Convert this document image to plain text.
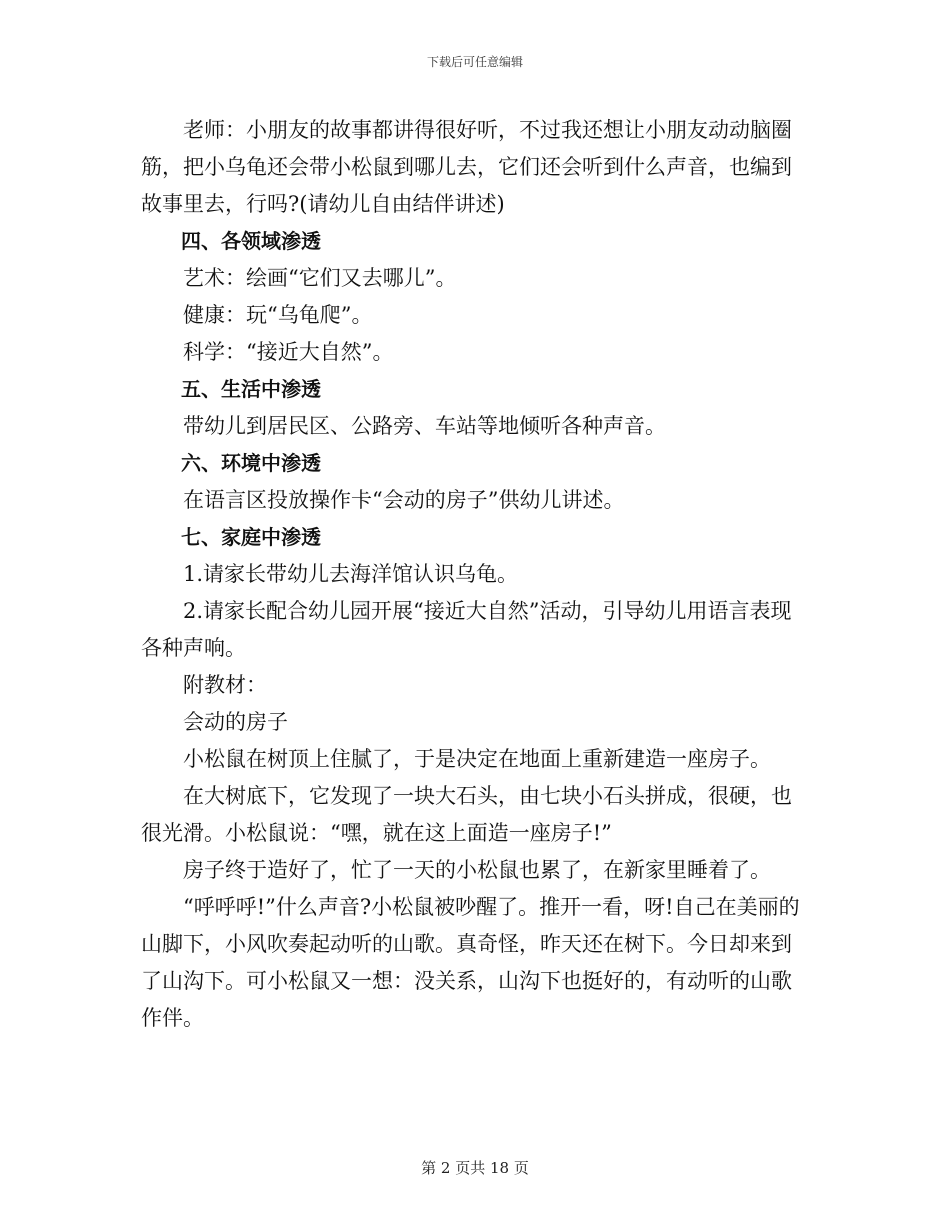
下载后可任意编辑

老师：小朋友的故事都讲得很好听，不过我还想让小朋友动动脑圈筋，把小乌龟还会带小松鼠到哪儿去，它们还会听到什么声音，也编到故事里去，行吗?(请幼儿自由结伴讲述)

四、各领域渗透

艺术：绘画“它们又去哪儿”。

健康：玩“乌龟爬”。

科学：“接近大自然”。

五、生活中渗透

带幼儿到居民区、公路旁、车站等地倾听各种声音。

六、环境中渗透

在语言区投放操作卡“会动的房子”供幼儿讲述。

七、家庭中渗透

1.请家长带幼儿去海洋馆认识乌龟。

2.请家长配合幼儿园开展“接近大自然”活动，引导幼儿用语言表现各种声响。

附教材：

会动的房子

小松鼠在树顶上住腻了，于是决定在地面上重新建造一座房子。

在大树底下，它发现了一块大石头，由七块小石头拼成，很硬，也很光滑。小松鼠说：“嘿，就在这上面造一座房子!”

房子终于造好了，忙了一天的小松鼠也累了，在新家里睡着了。

“呼呼呼!”什么声音?小松鼠被吵醒了。推开一看，呀!自己在美丽的山脚下，小风吹奏起动听的山歌。真奇怪，昨天还在树下。今日却来到了山沟下。可小松鼠又一想：没关系，山沟下也挺好的，有动听的山歌作伴。

第 2 页共 18 页
